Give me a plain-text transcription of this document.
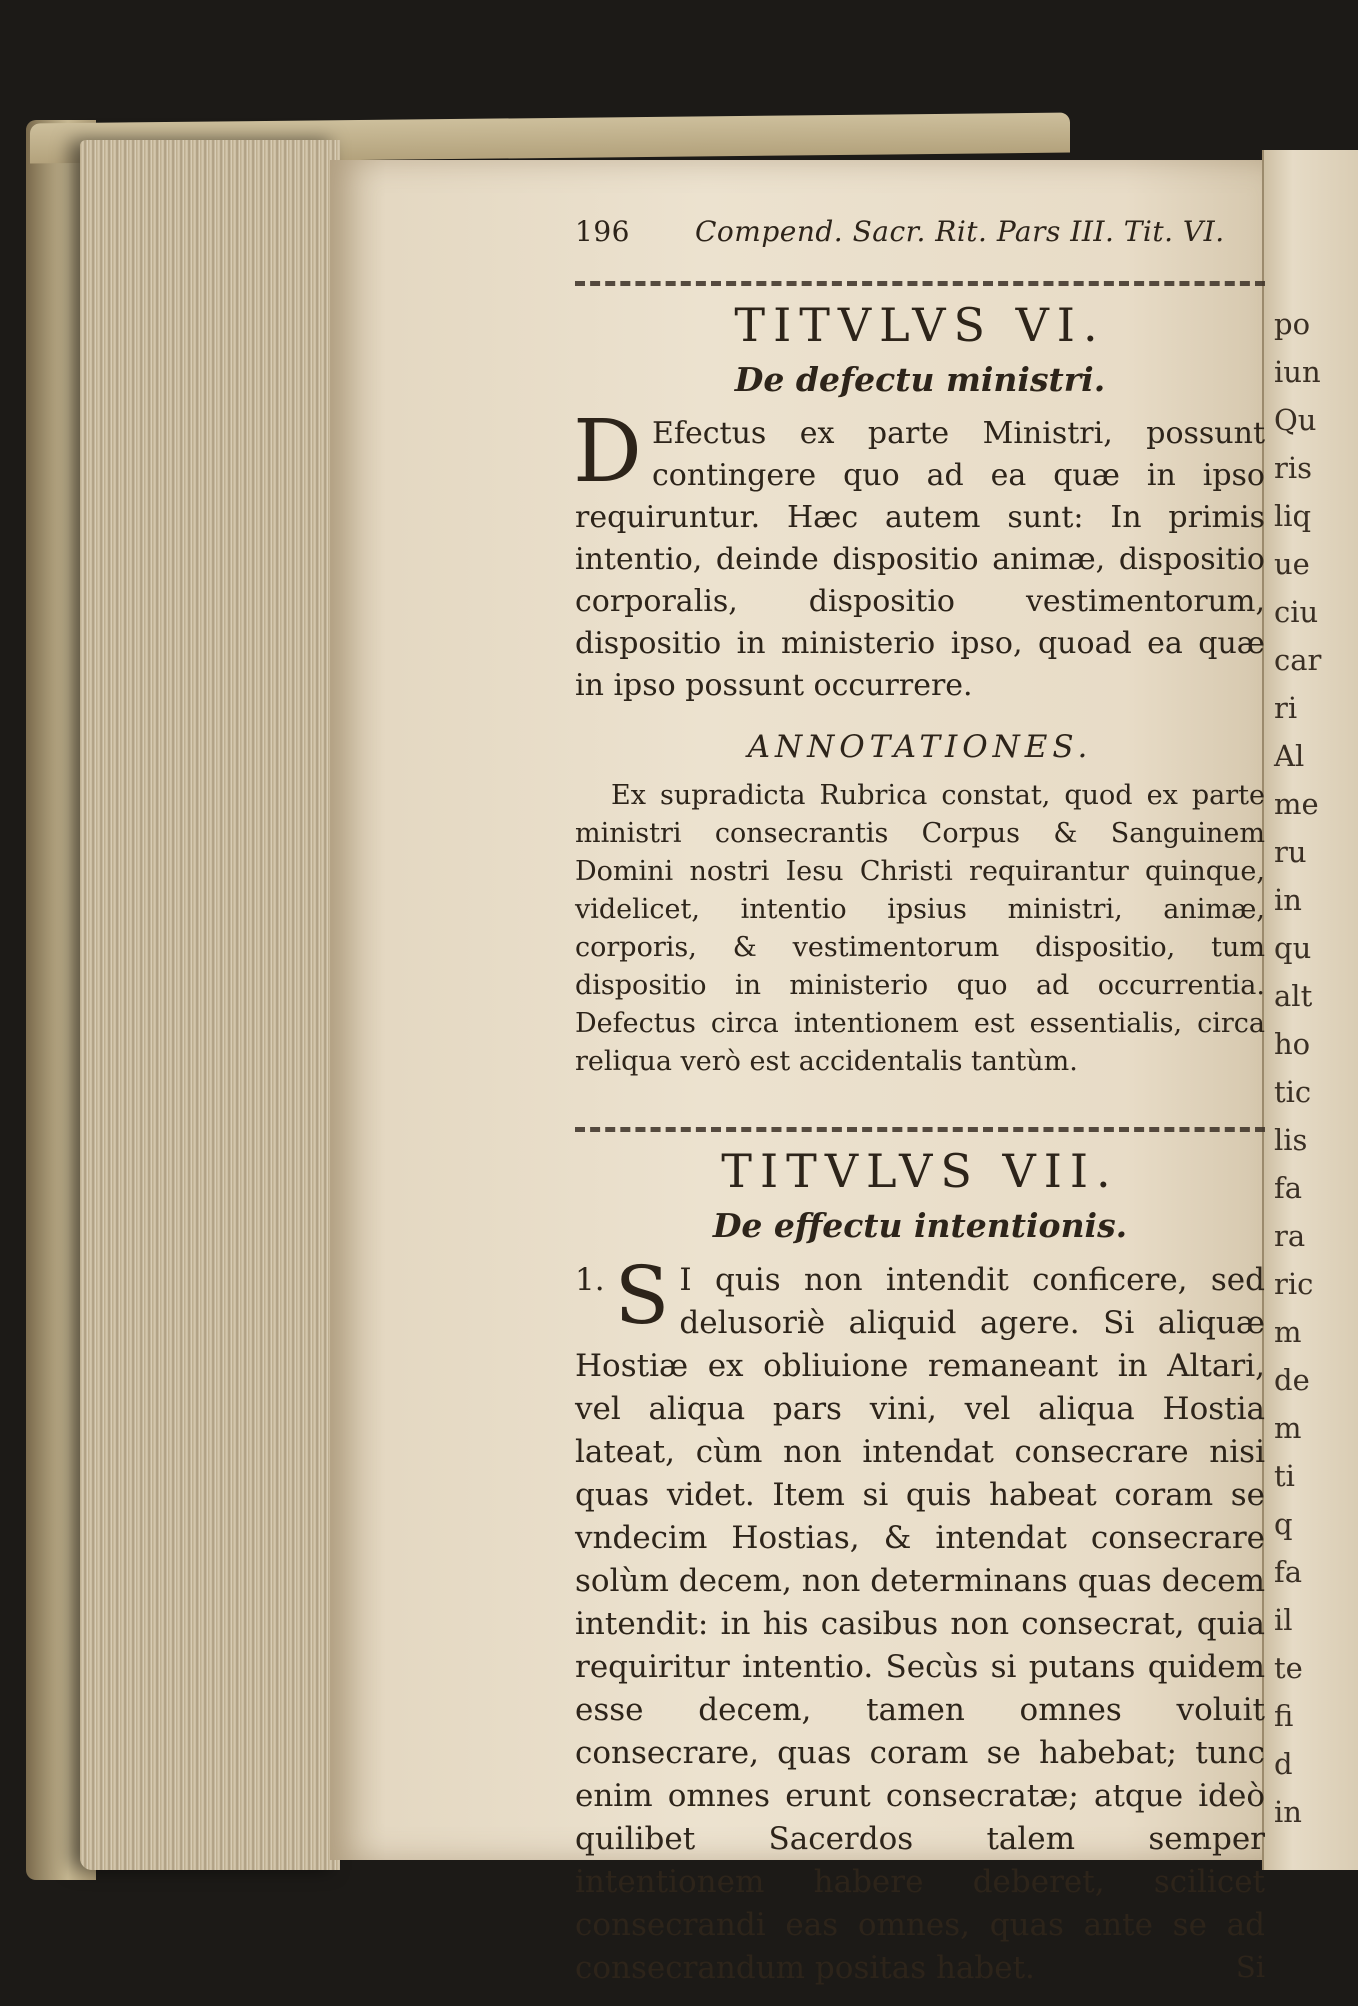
po
iun
Qu
ris
liq
ue
ciu
car
ri
Al
me
ru
in
qu
alt
ho
tic
lis
fa
ra
ric
m
de
m
ti
q
fa
il
te
fi
d
in
196	Compend. Sacr. Rit. Pars III. Tit. VI.
TITVLVS VI.
De defectu ministri.
D Efectus ex parte Ministri, possunt contingere quo ad ea quæ in ipso requiruntur. Hæc autem sunt: In primis intentio, deinde dispositio animæ, dispositio corporalis, dispositio vestimentorum, dispositio in ministerio ipso, quoad ea quæ in ipso possunt occurrere.
ANNOTATIONES.
Ex supradicta Rubrica constat, quod ex parte ministri consecrantis Corpus & Sanguinem Domini nostri Iesu Christi requirantur quinque, videlicet, intentio ipsius ministri, animæ, corporis, & vestimentorum dispositio, tum dispositio in ministerio quo ad occurrentia. Defectus circa intentionem est essentialis, circa reliqua verò est accidentalis tantùm.
TITVLVS VII.
De effectu intentionis.
1. S I quis non intendit conficere, sed delusoriè aliquid agere. Si aliquæ Hostiæ ex obliuione remaneant in Altari, vel aliqua pars vini, vel aliqua Hostia lateat, cùm non intendat consecrare nisi quas videt. Item si quis habeat coram se vndecim Hostias, & intendat consecrare solùm decem, non determinans quas decem intendit: in his casibus non consecrat, quia requiritur intentio. Secùs si putans quidem esse decem, tamen omnes voluit consecrare, quas coram se habebat; tunc enim omnes erunt consecratæ; atque ideò quilibet Sacerdos talem semper intentionem habere deberet, scilicet consecrandi eas omnes, quas ante se ad consecrandum positas habet.	Si
